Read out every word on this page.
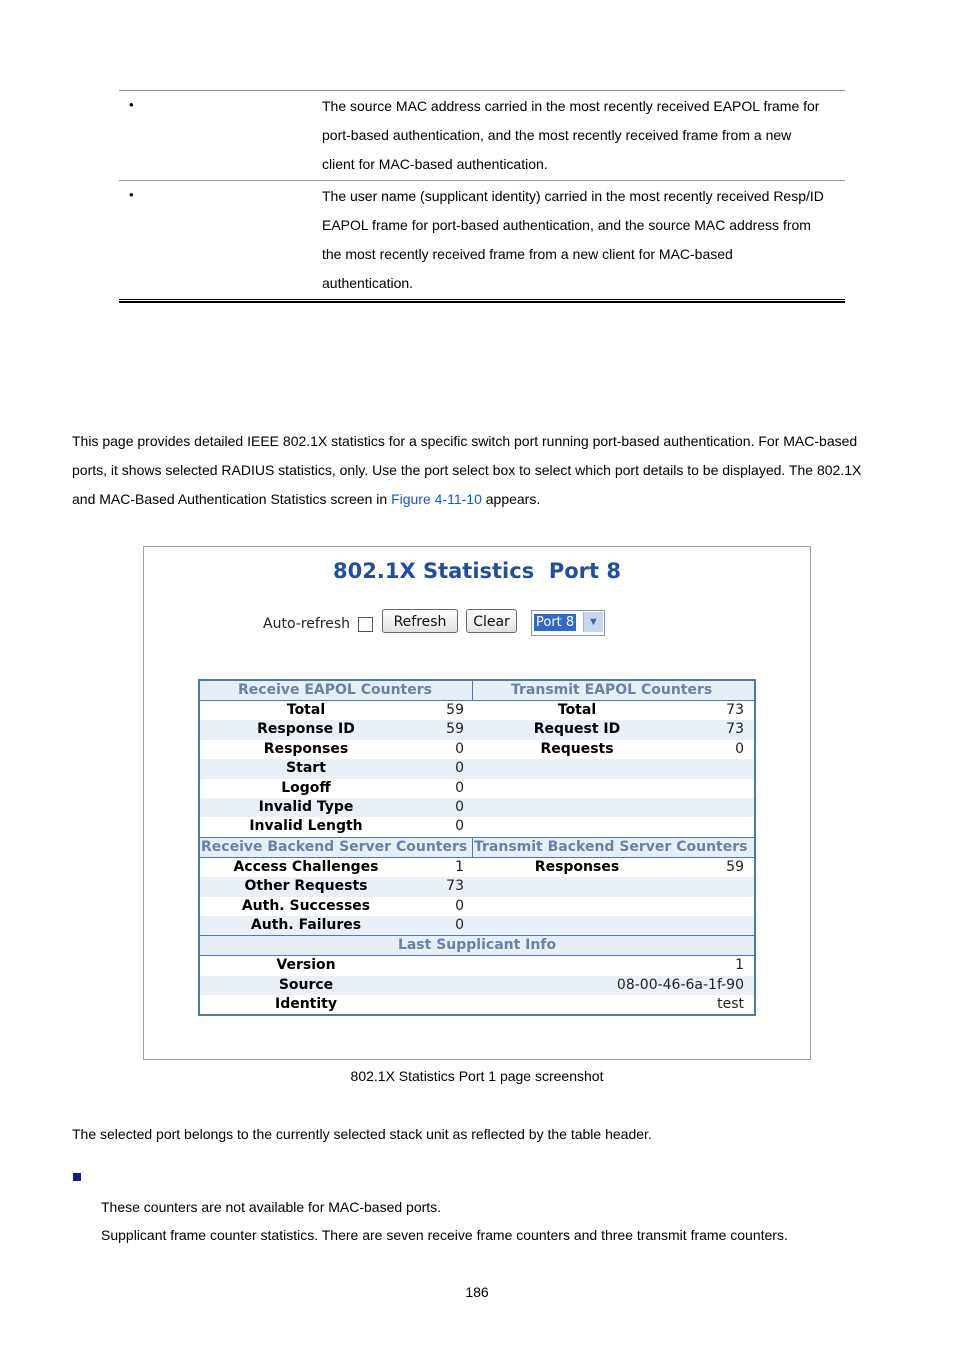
•	The source MAC address carried in the most recently received EAPOL frame for
port-based authentication, and the most recently received frame from a new
client for MAC-based authentication.
•	The user name (supplicant identity) carried in the most recently received Resp/ID
EAPOL frame for port-based authentication, and the source MAC address from
the most recently received frame from a new client for MAC-based
authentication.
This page provides detailed IEEE 802.1X statistics for a specific switch port running port-based authentication. For MAC-based
ports, it shows selected RADIUS statistics, only. Use the port select box to select which port details to be displayed. The 802.1X
and MAC-Based Authentication Statistics screen in Figure 4-11-10 appears.
802.1X Statistics  Port 8
Auto-refresh	Refresh	Clear	Port 8	▼
Receive EAPOL Counters	Transmit EAPOL Counters
Total	59	Total	73
Response ID	59	Request ID	73
Responses	0	Requests	0
Start	0
Logoff	0
Invalid Type	0
Invalid Length	0
Receive Backend Server Counters Transmit Backend Server Counters
Access Challenges	1	Responses	59
Other Requests	73
Auth. Successes	0
Auth. Failures	0
Last Supplicant Info
Version	1
Source	08-00-46-6a-1f-90
Identity	test
802.1X Statistics Port 1 page screenshot
The selected port belongs to the currently selected stack unit as reflected by the table header.
These counters are not available for MAC-based ports.
Supplicant frame counter statistics. There are seven receive frame counters and three transmit frame counters.
186
